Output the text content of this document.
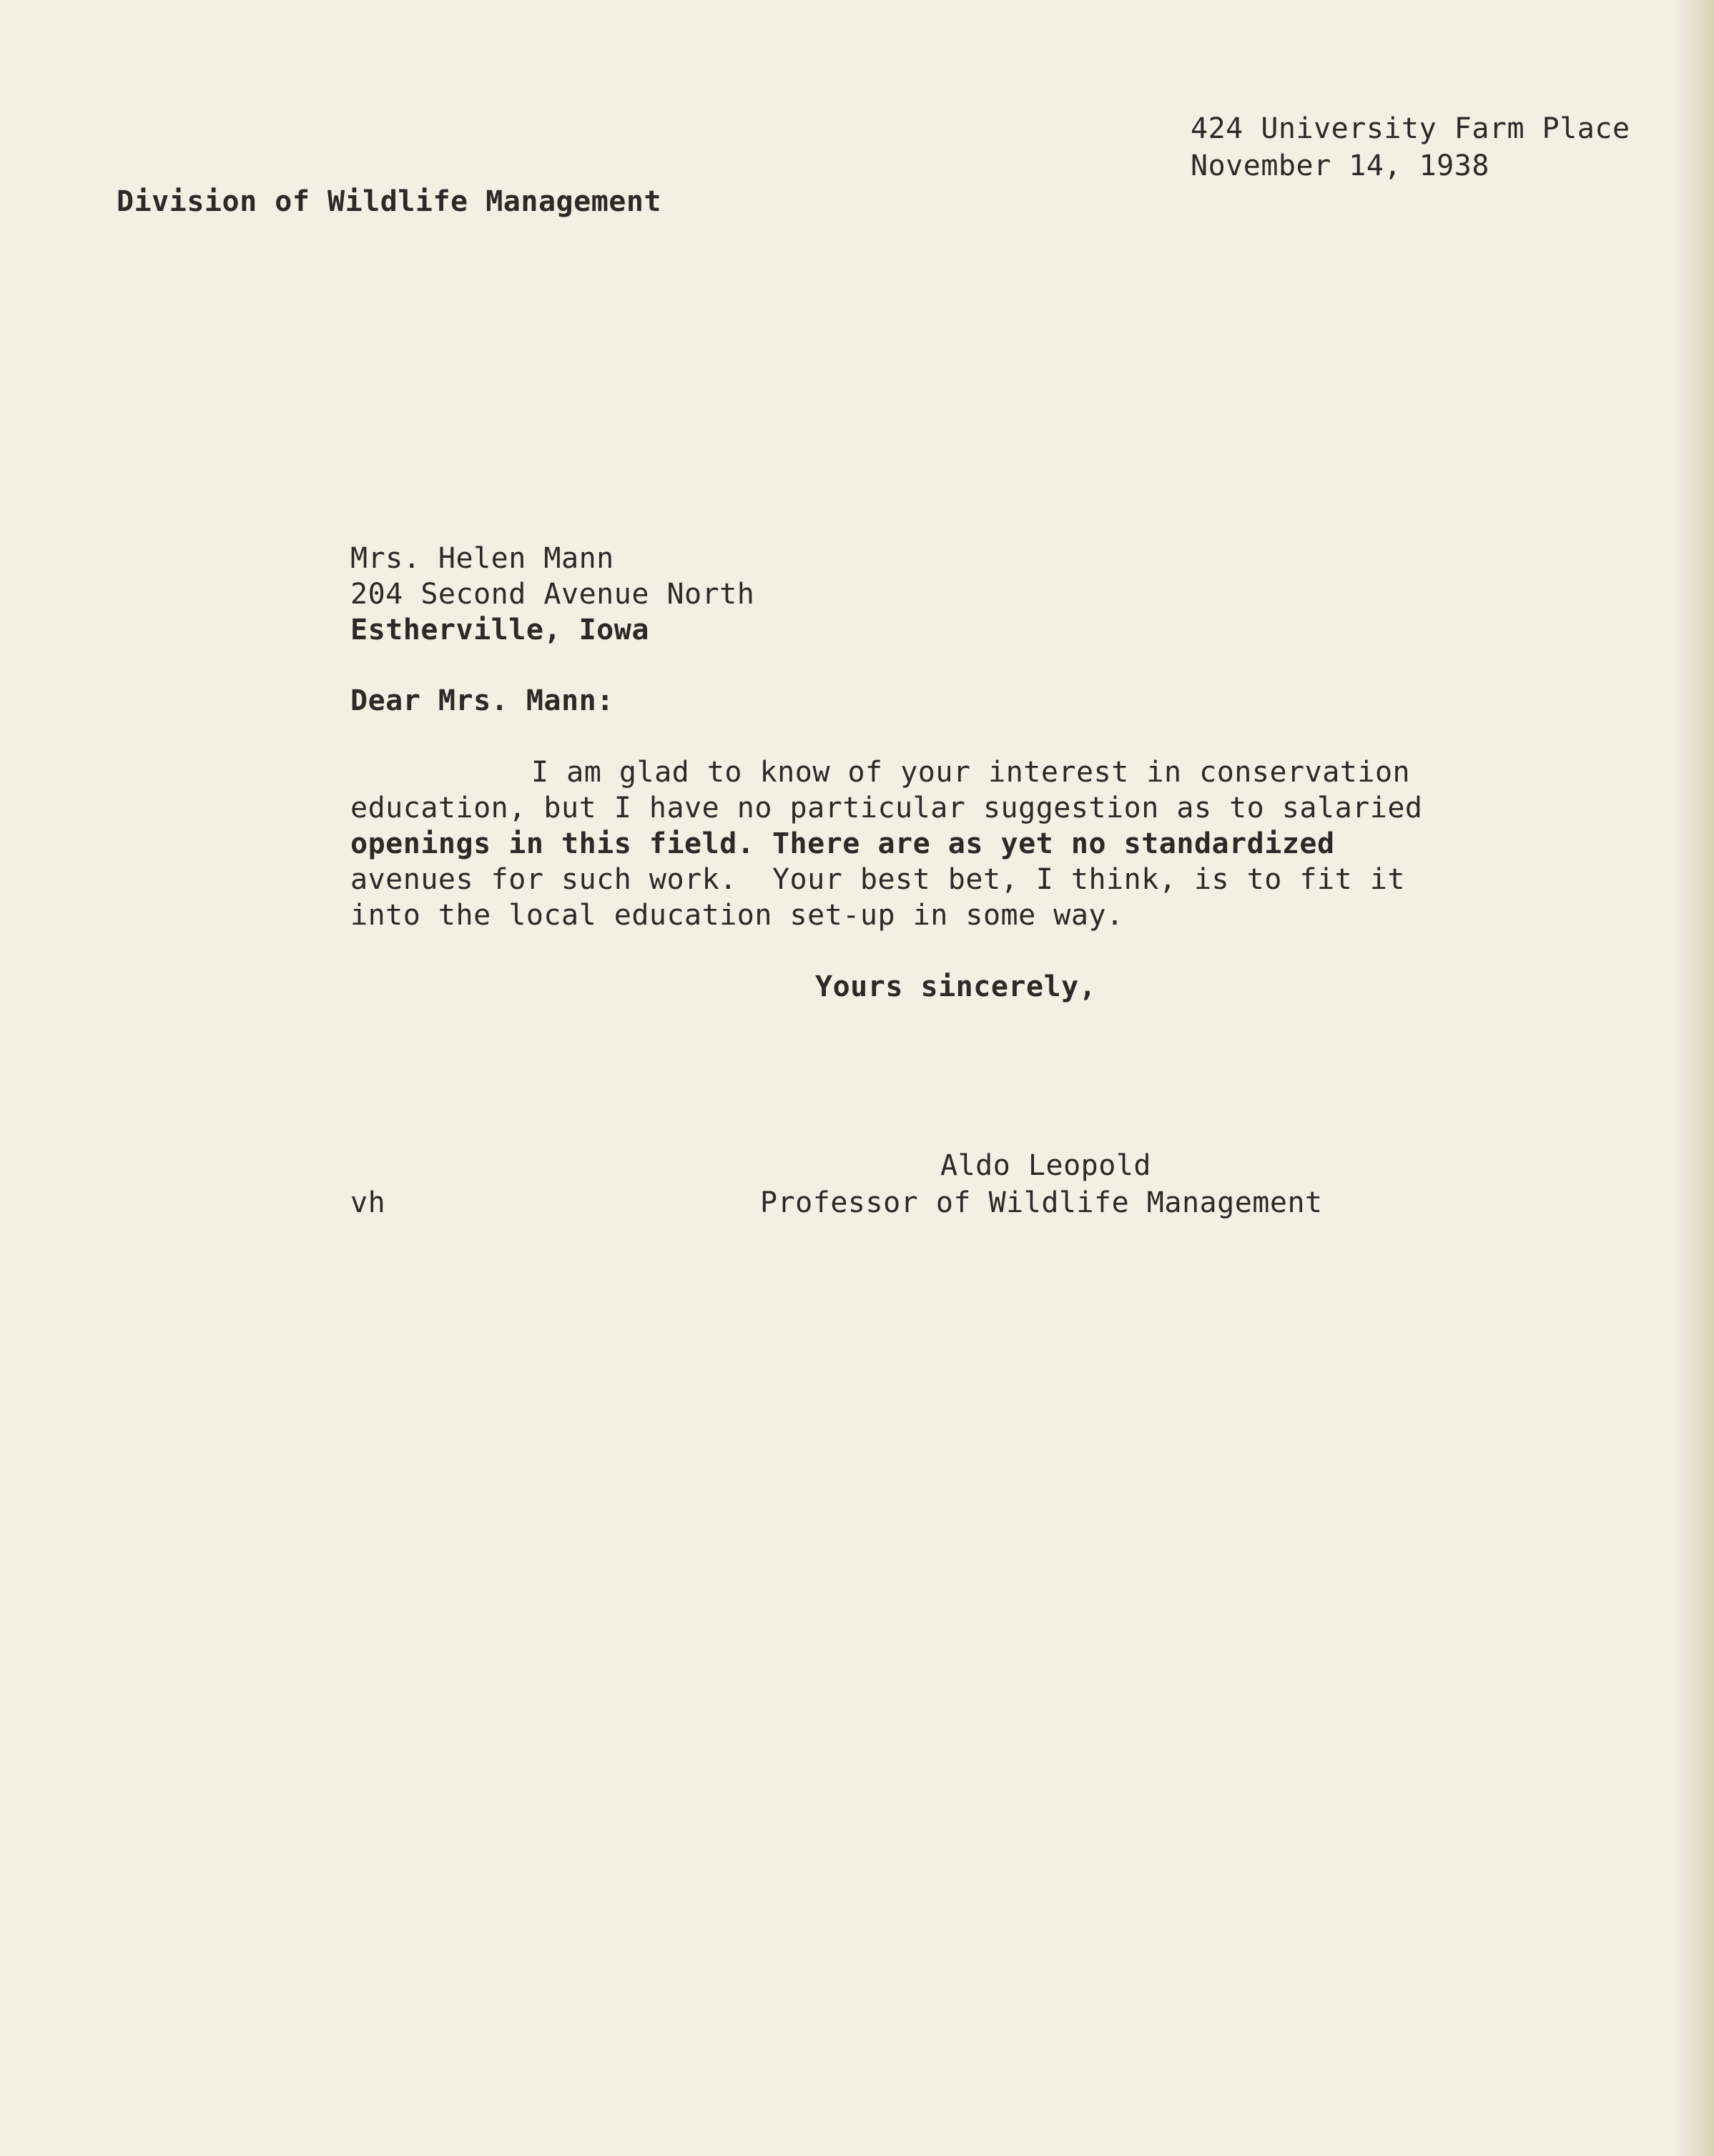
424 University Farm Place
November 14, 1938
Division of Wildlife Management
Mrs. Helen Mann
204 Second Avenue North
Estherville, Iowa
Dear Mrs. Mann:
I am glad to know of your interest in conservation
education, but I have no particular suggestion as to salaried
openings in this field. There are as yet no standardized
avenues for such work.  Your best bet, I think, is to fit it
into the local education set-up in some way.
Yours sincerely,
Aldo Leopold
Professor of Wildlife Management
vh
